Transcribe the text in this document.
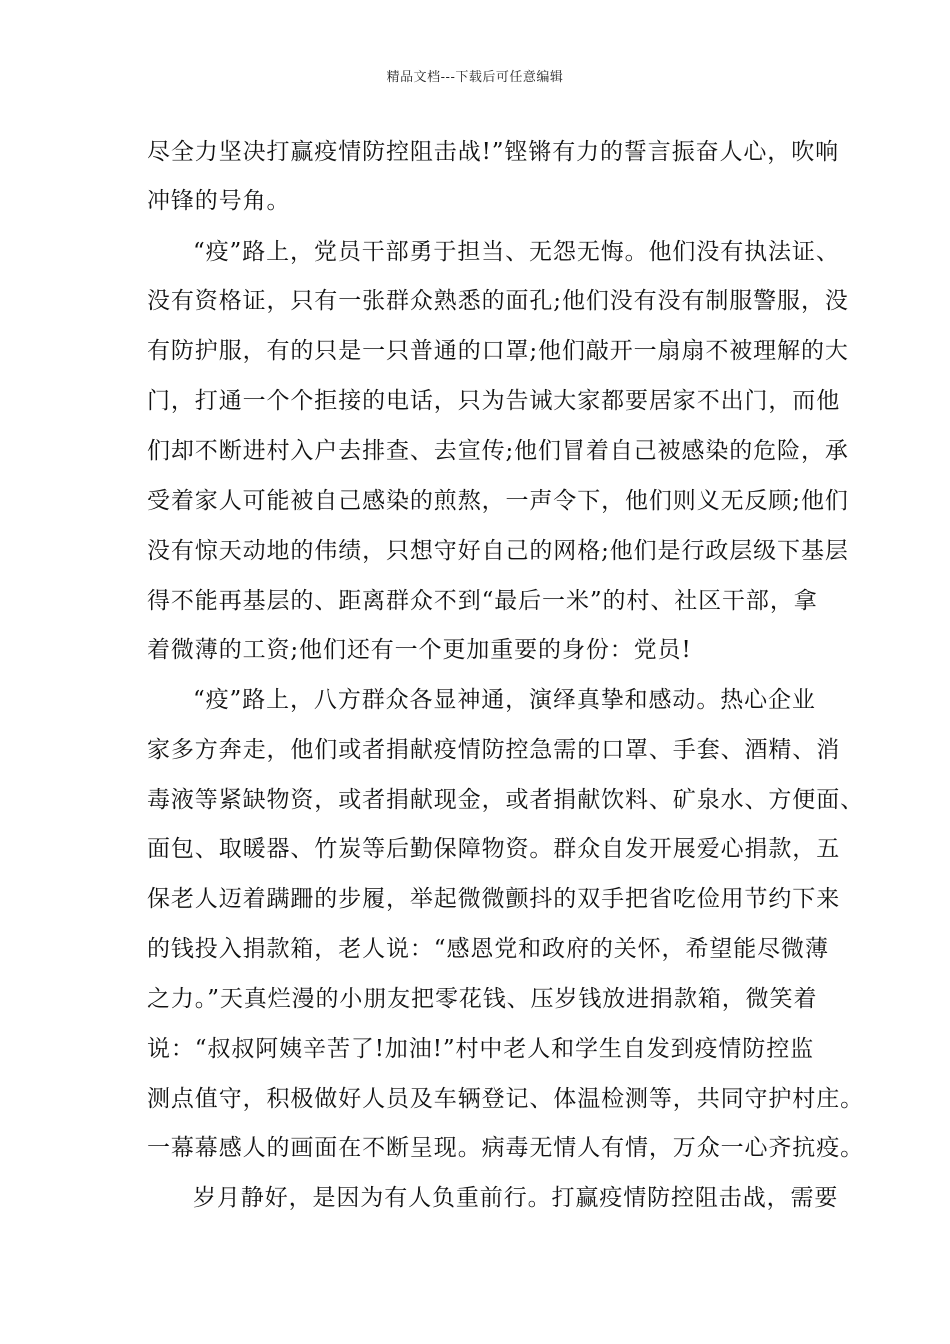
精品文档---下载后可任意编辑
尽全力坚决打赢疫情防控阻击战!”铿锵有力的誓言振奋人心，吹响
冲锋的号角。
“疫”路上，党员干部勇于担当、无怨无悔。他们没有执法证、
没有资格证，只有一张群众熟悉的面孔;他们没有没有制服警服，没
有防护服，有的只是一只普通的口罩;他们敲开一扇扇不被理解的大
门，打通一个个拒接的电话，只为告诫大家都要居家不出门，而他
们却不断进村入户去排查、去宣传;他们冒着自己被感染的危险，承
受着家人可能被自己感染的煎熬，一声令下，他们则义无反顾;他们
没有惊天动地的伟绩，只想守好自己的网格;他们是行政层级下基层
得不能再基层的、距离群众不到“最后一米”的村、社区干部，拿
着微薄的工资;他们还有一个更加重要的身份：党员!
“疫”路上，八方群众各显神通，演绎真挚和感动。热心企业
家多方奔走，他们或者捐献疫情防控急需的口罩、手套、酒精、消
毒液等紧缺物资，或者捐献现金，或者捐献饮料、矿泉水、方便面、
面包、取暖器、竹炭等后勤保障物资。群众自发开展爱心捐款，五
保老人迈着蹒跚的步履，举起微微颤抖的双手把省吃俭用节约下来
的钱投入捐款箱，老人说：“感恩党和政府的关怀，希望能尽微薄
之力。”天真烂漫的小朋友把零花钱、压岁钱放进捐款箱，微笑着
说：“叔叔阿姨辛苦了!加油!”村中老人和学生自发到疫情防控监
测点值守，积极做好人员及车辆登记、体温检测等，共同守护村庄。
一幕幕感人的画面在不断呈现。病毒无情人有情，万众一心齐抗疫。
岁月静好，是因为有人负重前行。打赢疫情防控阻击战，需要
